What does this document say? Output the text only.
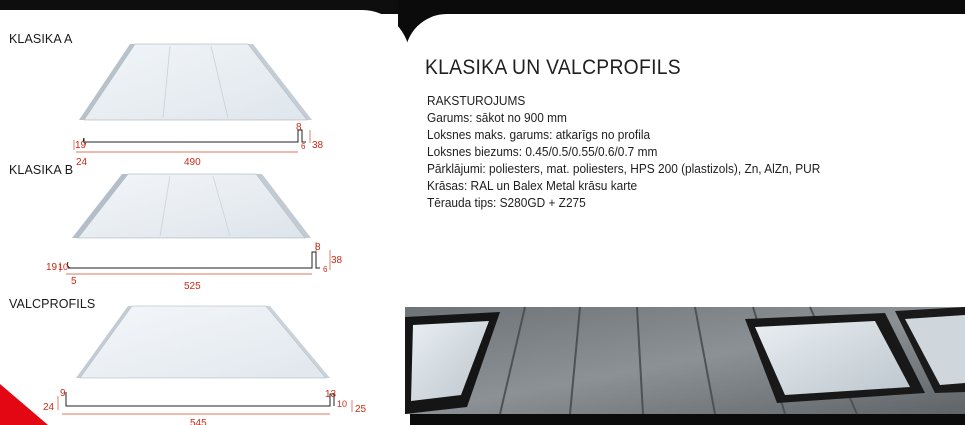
KLASIKA A
19
24	490
8
6 38
KLASIKA B
19 10
5	525
8
6
38
VALCPROFILS
9
24
545
13
10 25
KLASIKA UN VALCPROFILS
RAKSTUROJUMS
Garums: sākot no 900 mm
Loksnes maks. garums: atkarīgs no profila
Loksnes biezums: 0.45/0.5/0.55/0.6/0.7 mm
Pārklājumi: poliesters, mat. poliesters, HPS 200 (plastizols), Zn, AlZn, PUR
Krāsas: RAL un Balex Metal krāsu karte
Tērauda tips: S280GD + Z275
